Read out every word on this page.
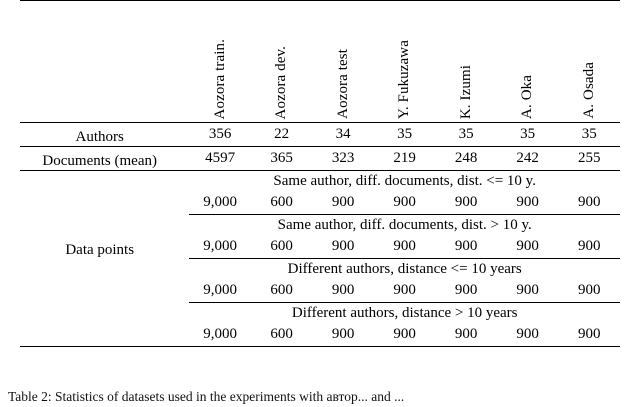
	Aozora train.	Aozora dev.	Aozora test	Y. Fukuzawa	K. Izumi	A. Oka	A. Osada

Authors	356	22	34	35	35	35	35
Documents (mean)	4597	365	323	219	248	242	255
	Same author, diff. documents, dist. <= 10 y.						
	9,000	600	900	900	900	900	900
	Same author, diff. documents, dist. > 10 y.						
Data points	9,000	600	900	900	900	900	900
	Different authors, distance <= 10 years						
	9,000	600	900	900	900	900	900
	Different authors, distance > 10 years						
	9,000	600	900	900	900	900	900

Table 2: Statistics of datasets used in the experiments with автор... and ...
